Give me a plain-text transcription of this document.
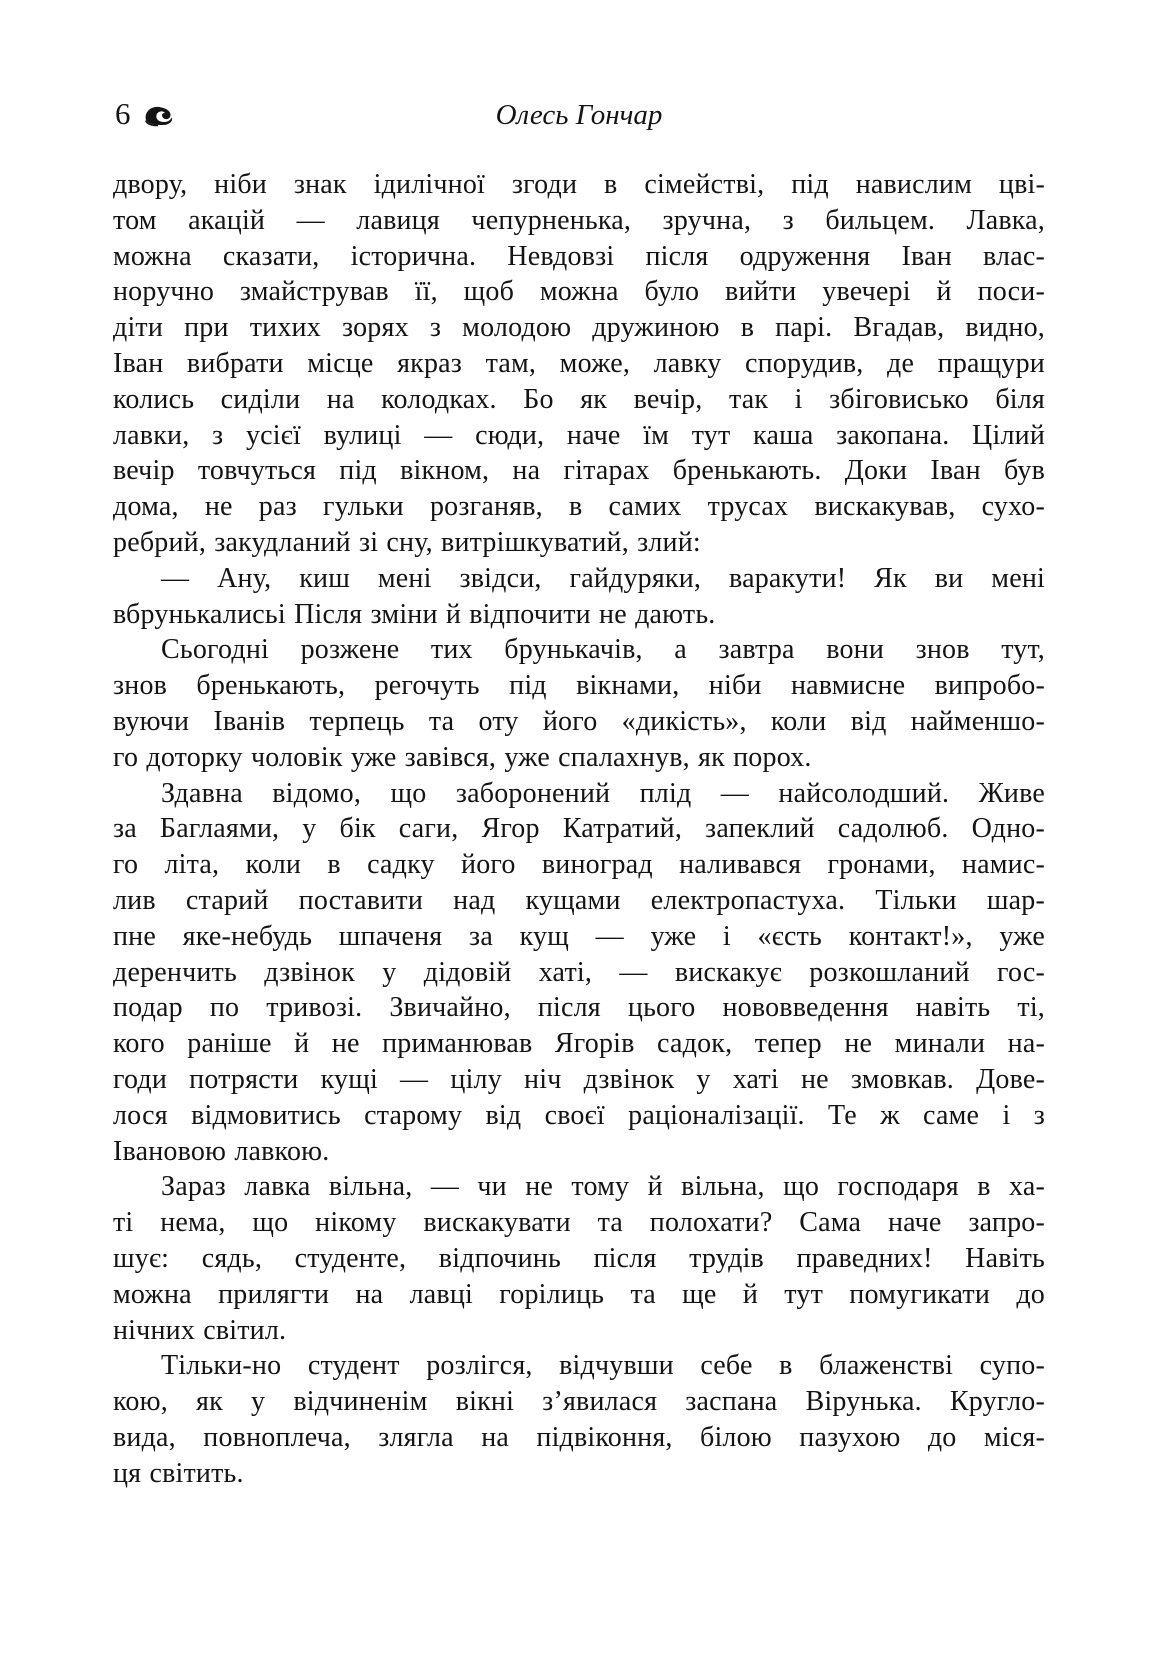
6	Олесь Гончар
двору, ніби знак ідилічної згоди в сімействі, під навислим цві-
том акацій — лавиця чепурненька, зручна, з бильцем. Лавка,
можна сказати, історична. Невдовзі після одруження Іван влас-
норучно змайстрував її, щоб можна було вийти увечері й поси-
діти при тихих зорях з молодою дружиною в парі. Вгадав, видно,
Іван вибрати місце якраз там, може, лавку спорудив, де пращури
колись сиділи на колодках. Бо як вечір, так і збіговисько біля
лавки, з усієї вулиці — сюди, наче їм тут каша закопана. Цілий
вечір товчуться під вікном, на гітарах бренькають. Доки Іван був
дома, не раз гульки розганяв, в самих трусах вискакував, сухо-
ребрий, закудланий зі сну, витрішкуватий, злий:
— Ану, киш мені звідси, гайдуряки, варакути! Як ви мені
вбрунькалисьі Після зміни й відпочити не дають.
Сьогодні розжене тих брунькачів, а завтра вони знов тут,
знов бренькають, регочуть під вікнами, ніби навмисне випробо-
вуючи Іванів терпець та оту його «дикість», коли від найменшо-
го доторку чоловік уже завівся, уже спалахнув, як порох.
Здавна відомо, що заборонений плід — найсолодший. Живе
за Баглаями, у бік саги, Ягор Катратий, запеклий садолюб. Одно-
го літа, коли в садку його виноград наливався гронами, намис-
лив старий поставити над кущами електропастуха. Тільки шар-
пне яке-небудь шпаченя за кущ — уже і «єсть контакт!», уже
деренчить дзвінок у дідовій хаті, — вискакує розкошланий гос-
подар по тривозі. Звичайно, після цього нововведення навіть ті,
кого раніше й не приманював Ягорів садок, тепер не минали на-
годи потрясти кущі — цілу ніч дзвінок у хаті не змовкав. Дове-
лося відмовитись старому від своєї раціоналізації. Те ж саме і з
Івановою лавкою.
Зараз лавка вільна, — чи не тому й вільна, що господаря в ха-
ті нема, що нікому вискакувати та полохати? Сама наче запро-
шує: сядь, студенте, відпочинь після трудів праведних! Навіть
можна прилягти на лавці горілиць та ще й тут помугикати до
нічних світил.
Тільки-но студент розлігся, відчувши себе в блаженстві супо-
кою, як у відчиненім вікні з’явилася заспана Вірунька. Кругло-
вида, повноплеча, злягла на підвіконня, білою пазухою до міся-
ця світить.
